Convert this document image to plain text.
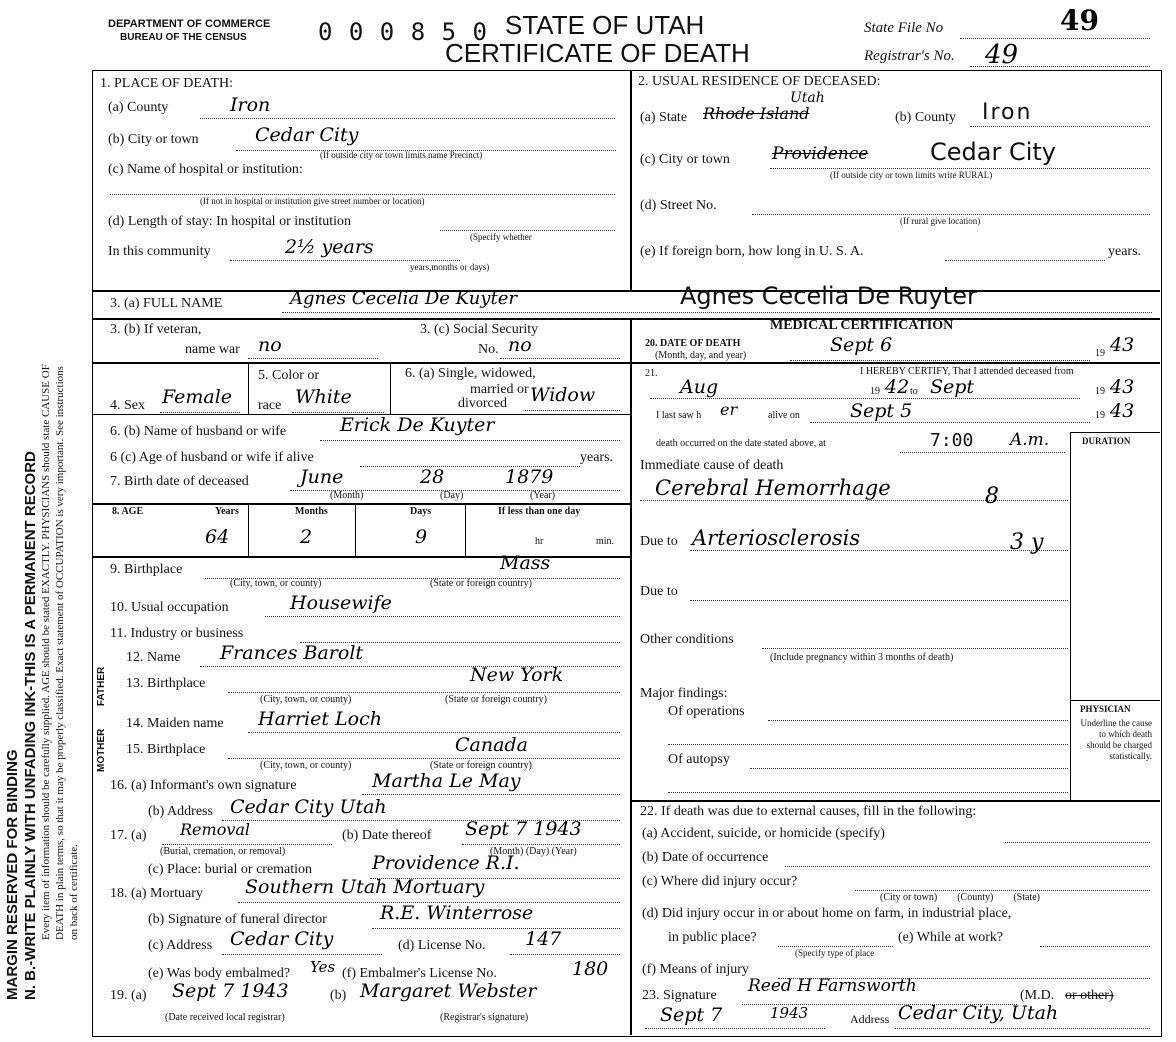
MARGIN RESERVED FOR BINDING N. B.-WRITE PLAINLY WITH UNFADING INK-THIS IS A PERMANENT RECORD Every item of information should be carefully supplied. AGE should be stated EXACTLY. PHYSICIANS should state CAUSE OF DEATH in plain terms, so that it may be properly classified. Exact statement of OCCUPATION is very important. See instructions on back of certificate.
DEPARTMENT OF COMMERCE
BUREAU OF THE CENSUS	0 0 0 8 5 0 STATE OF UTAH
CERTIFICATE OF DEATH
State File No	49
Registrar's No. 49
1. PLACE OF DEATH:
(a) County	Iron
(b) City or town	Cedar City
(If outside city or town limits name Precinct)
(c) Name of hospital or institution:
(If not in hospital or institution give street number or location)
(d) Length of stay: In hospital or institution
In this community	2½ years	(Specify whether
years,months or days)
2. USUAL RESIDENCE OF DECEASED:
(a) State Rhode Island
Utah
(b) County Iron
(c) City or town Providence	Cedar City
(If outside city or town limits write RURAL)
(d) Street No.
(If rural give location)
(e) If foreign born, how long in U. S. A.	years.
3. (a) FULL NAME	Agnes Cecelia De Kuyter	Agnes Cecelia De Ruyter
3. (b) If veteran,
name war no
3. (c) Social Security
No. no
MEDICAL CERTIFICATION
20. DATE OF DEATH
(Month, day, and year)	Sept 6	19 43
5. Color or	6. (a) Single, widowed,
married or
divorced
4. Sex Female race White	Widow
6. (b) Name of husband or wife	Erick De Kuyter
6 (c) Age of husband or wife if alive	years.
7. Birth date of deceased	June	28	1879
(Month)	(Day)	(Year)
8. AGE	Years	Months	Days	If less than one day
64	2	9	hr	min.
9. Birthplace	Mass
(City, town, or county)	(State or foreign country)
10. Usual occupation	Housewife
11. Industry or business
FATHER
MOTHER
12. Name Frances Barolt
13. Birthplace	New York
(City, town, or county)	(State or foreign country)
14. Maiden name Harriet Loch
15. Birthplace	Canada
(City, town, or county)	(State or foreign country)
16. (a) Informant's own signature	Martha Le May
(b) Address Cedar City Utah
17. (a) Removal
(Burial, cremation, or removal)
(b) Date thereof Sept 7 1943
(Month) (Day) (Year)
(c) Place: burial or cremation	Providence R.I.
18. (a) Mortuary Southern Utah Mortuary
(b) Signature of funeral director	R.E. Winterrose
(c) Address Cedar City	(d) License No. 147
(e) Was body embalmed? Yes (f) Embalmer's License No.	180
19. (a) Sept 7 1943
(Date received local registrar)
(b) Margaret Webster
(Registrar's signature)
21.	I HEREBY CERTIFY, That I attended deceased from
Aug	19 42 to Sept	19 43
I last saw h er	alive on	Sept 5	19 43
death occurred on the date stated above, at	7:00 A.m.	DURATION
Immediate cause of death
Cerebral Hemorrhage	8
Due to Arteriosclerosis	3 y
Due to
Other conditions
(Include pregnancy within 3 months of death)
Major findings:
Of operations
Of autopsy
PHYSICIAN
Underline the cause to which death should be charged statistically.
22. If death was due to external causes, fill in the following:
(a) Accident, suicide, or homicide (specify)
(b) Date of occurrence
(c) Where did injury occur?
(City or town)        (County)        (State)
(d) Did injury occur in or about home on farm, in industrial place,
in public place?
(Specify type of place
(e) While at work?
(f) Means of injury
23. Signature Reed H Farnsworth	(M.D. or other)
Sept 7	1943	Address Cedar City, Utah
